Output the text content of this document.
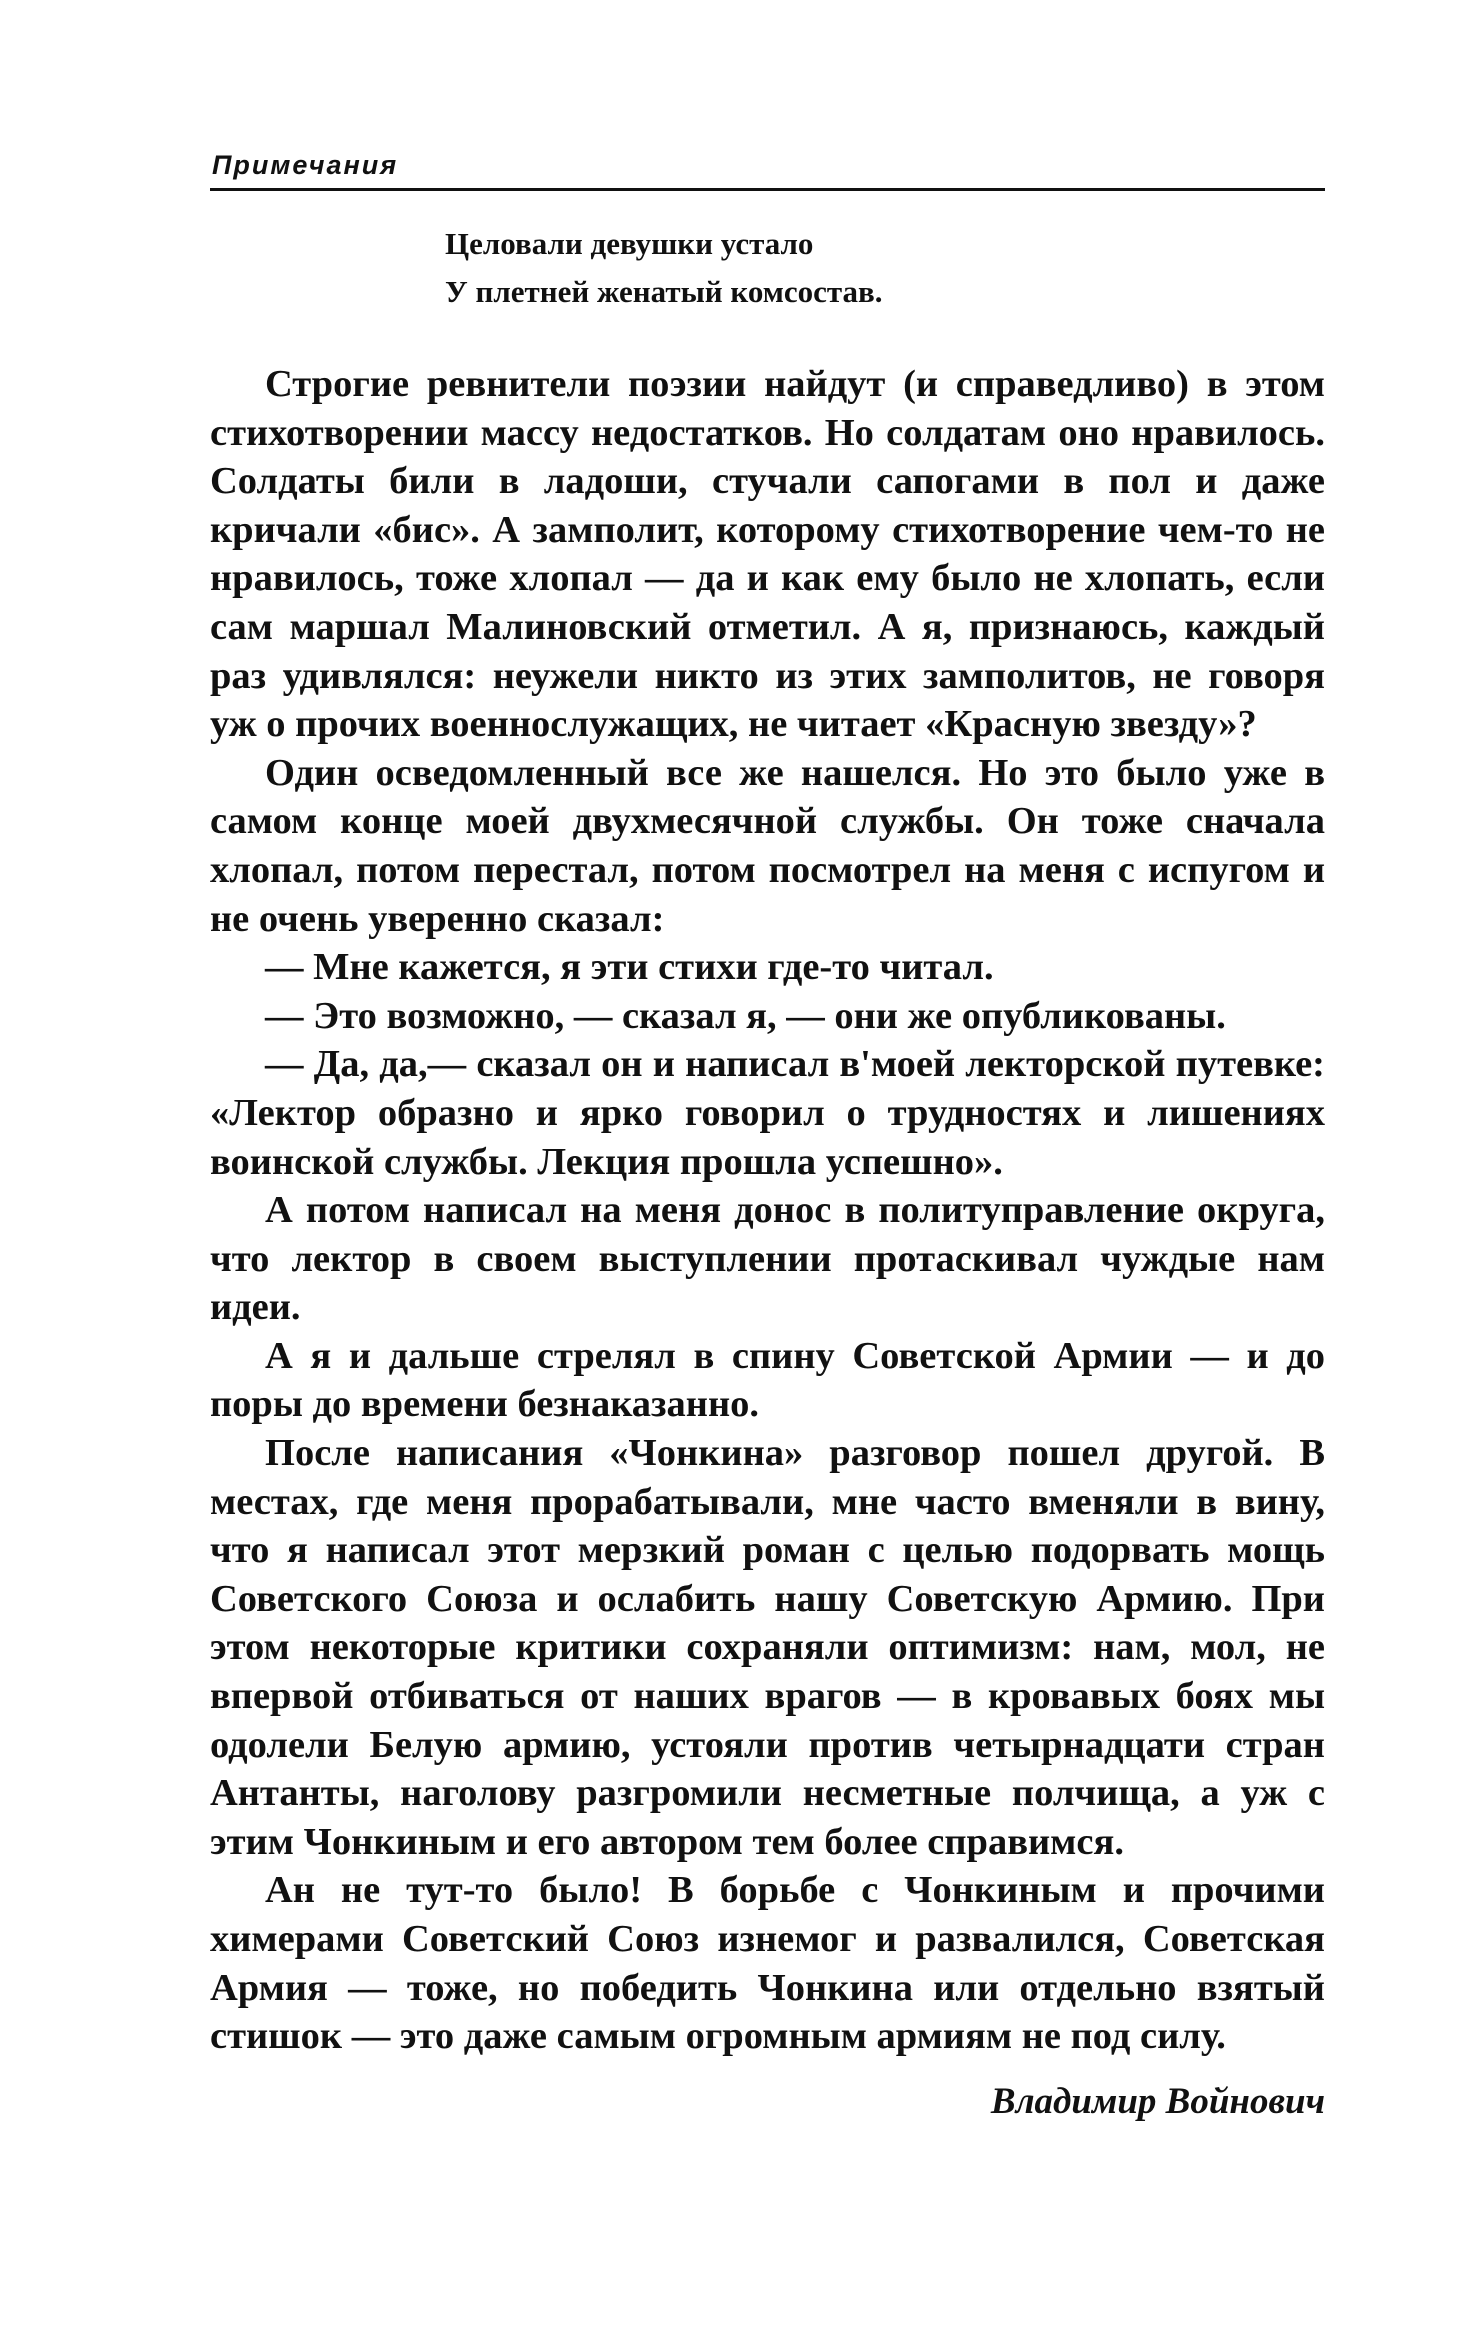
Примечания
Целовали девушки устало
У плетней женатый комсостав.

Строгие ревнители поэзии найдут (и справедливо) в этом стихотворении массу недостатков. Но солдатам оно нравилось. Солдаты били в ладоши, стучали сапогами в пол и даже кричали «бис». А замполит, которому стихотворение чем-то не нравилось, тоже хлопал — да и как ему было не хлопать, если сам маршал Малиновский отметил. А я, признаюсь, каждый раз удивлялся: неужели никто из этих замполитов, не говоря уж о прочих военнослужащих, не читает «Красную звезду»?

Один осведомленный все же нашелся. Но это было уже в самом конце моей двухмесячной службы. Он тоже сначала хлопал, потом перестал, потом посмотрел на меня с испугом и не очень уверенно сказал:

— Мне кажется, я эти стихи где-то читал.

— Это возможно, — сказал я, — они же опубликованы.

— Да, да,— сказал он и написал в'моей лекторской путевке: «Лектор образно и ярко говорил о трудностях и лишениях воинской службы. Лекция прошла успешно».

А потом написал на меня донос в политуправление округа, что лектор в своем выступлении протаскивал чуждые нам идеи.

А я и дальше стрелял в спину Советской Армии — и до поры до времени безнаказанно.

После написания «Чонкина» разговор пошел другой. В местах, где меня прорабатывали, мне часто вменяли в вину, что я написал этот мерзкий роман с целью подорвать мощь Советского Союза и ослабить нашу Советскую Армию. При этом некоторые критики сохраняли оптимизм: нам, мол, не впервой отбиваться от наших врагов — в кровавых боях мы одолели Белую армию, устояли против четырнадцати стран Антанты, наголову разгромили несметные полчища, а уж с этим Чонкиным и его автором тем более справимся.

Ан не тут-то было! В борьбе с Чонкиным и прочими химерами Советский Союз изнемог и развалился, Советская Армия — тоже, но победить Чонкина или отдельно взятый стишок — это даже самым огромным армиям не под силу.

Владимир Войнович
